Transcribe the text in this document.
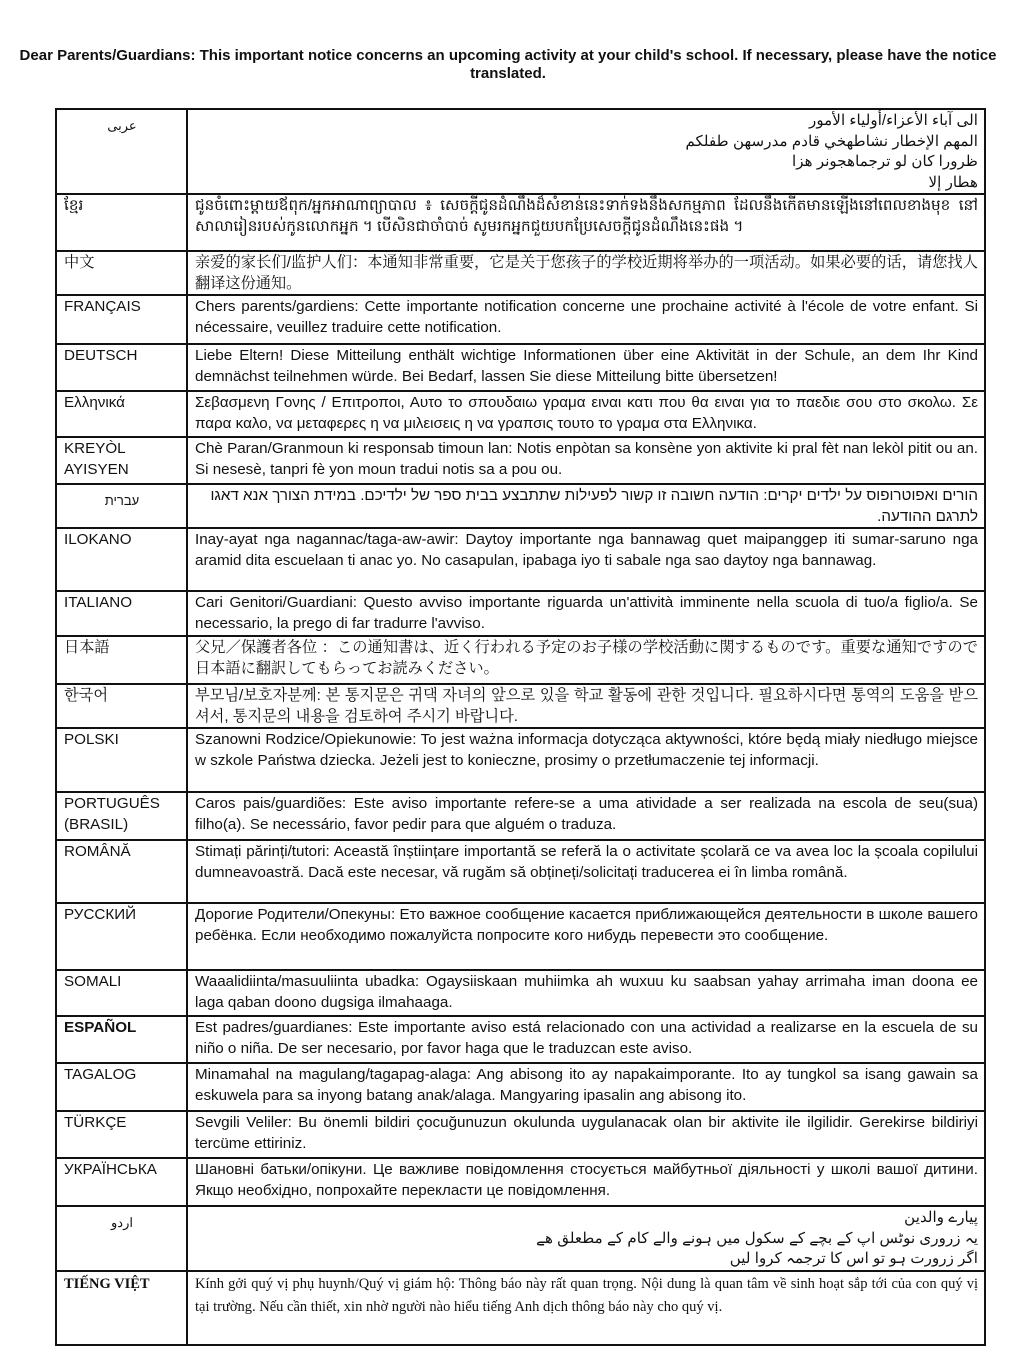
Dear Parents/Guardians: This important notice concerns an upcoming activity at your child's school. If necessary, please have the notice translated.
عربى	الى آباء الأعزاء/أولياء الأمور
المهم الإخطار نشاطهخي قادم مدرسهن طفلكم
ظرورا كان لو ترجماهجونر هزا
هطار إلا
ខ្មែរ	ជូនចំពោះម្តាយឪពុក/អ្នកអាណាព្យាបាល ៖ សេចក្តីជូនដំណឹងដ៏សំខាន់នេះទាក់ទងនឹងសកម្មភាព ដែលនឹងកើតមានឡើងនៅពេលខាងមុខ នៅសាលារៀនរបស់កូនលោកអ្នក ។ បើសិនជាចាំបាច់ សូមរកអ្នកជួយបកប្រែសេចក្តីជូនដំណឹងនេះផង ។
中文	亲爱的家长们/监护人们：本通知非常重要，它是关于您孩子的学校近期将举办的一项活动。如果必要的话，请您找人翻译这份通知。
FRANÇAIS	Chers parents/gardiens: Cette importante notification concerne une prochaine activité à l'école de votre enfant. Si nécessaire, veuillez traduire cette notification.
DEUTSCH	Liebe Eltern! Diese Mitteilung enthält wichtige Informationen über eine Aktivität in der Schule, an dem Ihr Kind demnächst teilnehmen würde. Bei Bedarf, lassen Sie diese Mitteilung bitte übersetzen!
Ελληνικά	Σεβασμενη Γονης / Επιτροποι, Αυτο το σπουδαιω γραμα ειναι κατι που θα ειναι για το παεδιε σου στο σκολω. Σε παρα καλο, να μεταφερες η να μιλεισεις η να γραπσις τουτο το γραμα στα Ελληνικα.
KREYÒL AYISYEN	Chè Paran/Granmoun ki responsab timoun lan: Notis enpòtan sa konsène yon aktivite ki pral fèt nan lekòl pitit ou an. Si nesesè, tanpri fè yon moun tradui notis sa a pou ou.
עברית	הורים ואפוטרופוס על ילדים יקרים: הודעה חשובה זו קשור לפעילות שתתבצע בבית ספר של ילדיכם. במידת הצורך אנא דאגו לתרגם ההודעה.
ILOKANO	Inay-ayat nga nagannac/taga-aw-awir: Daytoy importante nga bannawag quet maipanggep iti sumar-saruno nga aramid dita escuelaan ti anac yo. No casapulan, ipabaga iyo ti sabale nga sao daytoy nga bannawag.
ITALIANO	Cari Genitori/Guardiani: Questo avviso importante riguarda un'attività imminente nella scuola di tuo/a figlio/a. Se necessario, la prego di far tradurre l'avviso.
日本語	父兄／保護者各位 ：この通知書は、近く行われる予定のお子様の学校活動に関するものです。重要な通知ですので日本語に翻訳してもらってお読みください。
한국어	부모님/보호자분께: 본 통지문은 귀댁 자녀의 앞으로 있을 학교 활동에 관한 것입니다. 필요하시다면 통역의 도움을 받으셔서, 통지문의 내용을 검토하여 주시기 바랍니다.
POLSKI	Szanowni Rodzice/Opiekunowie: To jest ważna informacja dotycząca aktywności, które będą miały niedługo miejsce w szkole Państwa dziecka. Jeżeli jest to konieczne, prosimy o przetłumaczenie tej informacji.
PORTUGUÊS (BRASIL)	Caros pais/guardiões: Este aviso importante refere-se a uma atividade a ser realizada na escola de seu(sua) filho(a). Se necessário, favor pedir para que alguém o traduza.
ROMÂNĂ	Stimați părinți/tutori: Această înștiințare importantă se referă la o activitate școlară ce va avea loc la școala copilului dumneavoastră. Dacă este necesar, vă rugăm să obțineți/solicitați traducerea ei în limba română.
РУССКИЙ	Дорогие Родители/Опекуны: Ето важное сообщение касается приближающейся деятельности в школе вашего ребёнка. Если необходимо пожалуйста попросите кого нибудь перевести это сообщение.
SOMALI	Waaalidiinta/masuuliinta ubadka: Ogaysiiskaan muhiimka ah wuxuu ku saabsan yahay arrimaha iman doona ee laga qaban doono dugsiga ilmahaaga.
ESPAÑOL	Est padres/guardianes: Este importante aviso está relacionado con una actividad a realizarse en la escuela de su niño o niña. De ser necesario, por favor haga que le traduzcan este aviso.
TAGALOG	Minamahal na magulang/tagapag-alaga: Ang abisong ito ay napakaimporante. Ito ay tungkol sa isang gawain sa eskuwela para sa inyong batang anak/alaga. Mangyaring ipasalin ang abisong ito.
TÜRKÇE	Sevgili Veliler: Bu önemli bildiri çocuğunuzun okulunda uygulanacak olan bir aktivite ile ilgilidir. Gerekirse bildiriyi tercüme ettiriniz.
УКРАЇНСЬКА	Шановні батьки/опікуни. Це важливе повідомлення стосується майбутньої діяльності у школі вашої дитини. Якщо необхідно, попрохайте перекласти це повідомлення.
اردو	پیارے والدین
یہ زروری نوٹس اپ کے بچے کے سکول میں ہونے والے کام کے مطعلق ھے
اگر زرورت ہو تو اس کا ترجمہ کروا لیں
TIẾNG VIỆT	Kính gởi quý vị phụ huynh/Quý vị giám hộ: Thông báo này rất quan trọng. Nội dung là quan tâm về sinh hoạt sắp tới của con quý vị tại trường. Nếu cần thiết, xin nhờ người nào hiểu tiếng Anh dịch thông báo này cho quý vị.
